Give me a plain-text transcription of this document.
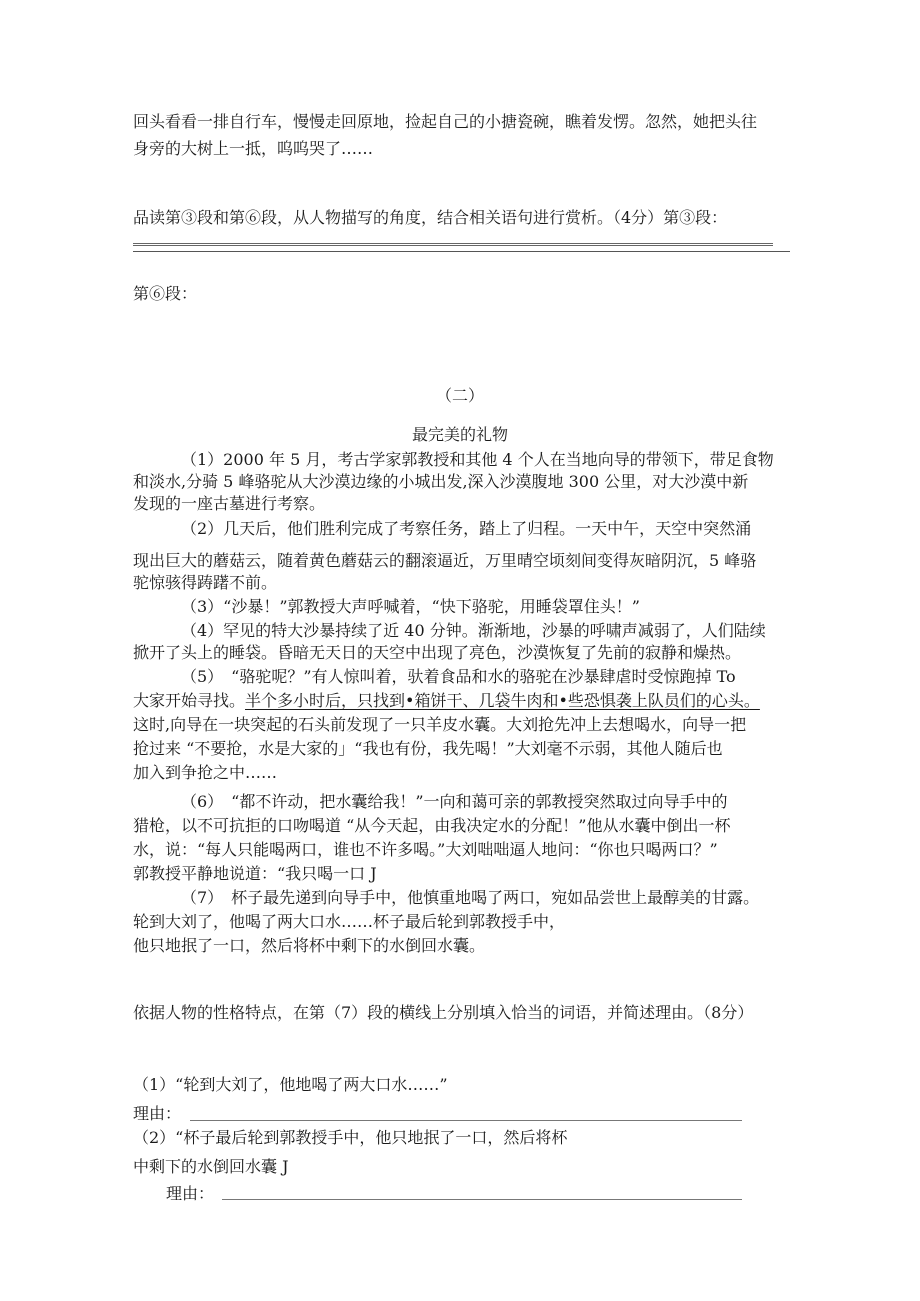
回头看看一排自行车，慢慢走回原地，捡起自己的小搪瓷碗，瞧着发愣。忽然，她把头往
身旁的大树上一抵，呜呜哭了……
品读第③段和第⑥段，从人物描写的角度，结合相关语句进行赏析。（4分）第③段：
第⑥段：
（二）
最完美的礼物
（1）2000 年 5 月，考古学家郭教授和其他 4 个人在当地向导的带领下，带足食物
和淡水,分骑 5 峰骆驼从大沙漠边缘的小城出发,深入沙漠腹地 300 公里，对大沙漠中新
发现的一座古墓进行考察。
（2）几天后，他们胜利完成了考察任务，踏上了归程。一天中午，天空中突然涌
现出巨大的蘑菇云，随着黄色蘑菇云的翻滚逼近，万里晴空顷刻间变得灰暗阴沉，5 峰骆
驼惊骇得踌躇不前。
（3）“沙暴！”郭教授大声呼喊着，“快下骆驼，用睡袋罩住头！”
（4）罕见的特大沙暴持续了近 40 分钟。渐渐地，沙暴的呼啸声减弱了，人们陆续
掀开了头上的睡袋。昏暗无天日的天空中出现了亮色，沙漠恢复了先前的寂静和燥热。
（5）　“骆驼呢？”有人惊叫着，驮着食品和水的骆驼在沙暴肆虐时受惊跑掉 To
大家开始寻找。半个多小时后，只找到•箱饼干、几袋牛肉和•些恐惧袭上队员们的心头。
这时,向导在一块突起的石头前发现了一只羊皮水囊。大刘抢先冲上去想喝水，向导一把
抢过来 “不要抢，水是大家的」“我也有份，我先喝！”大刘毫不示弱，其他人随后也
加入到争抢之中……
（6）　“都不许动，把水囊给我！”一向和蔼可亲的郭教授突然取过向导手中的
猎枪，以不可抗拒的口吻喝道 “从今天起，由我决定水的分配！”他从水囊中倒出一杯
水，说：“每人只能喝两口，谁也不许多喝。”大刘咄咄逼人地问：“你也只喝两口？”
郭教授平静地说道：“我只喝一口 J
（7）　杯子最先递到向导手中，他慎重地喝了两口，宛如品尝世上最醇美的甘露。
轮到大刘了，他喝了两大口水……杯子最后轮到郭教授手中，
他只地抿了一口，然后将杯中剩下的水倒回水囊。
依据人物的性格特点，在第（7）段的横线上分别填入恰当的词语，并简述理由。（8分）
（1）“轮到大刘了，他地喝了两大口水……”
理由：
（2）“杯子最后轮到郭教授手中，他只地抿了一口，然后将杯
中剩下的水倒回水囊 J
理由：
